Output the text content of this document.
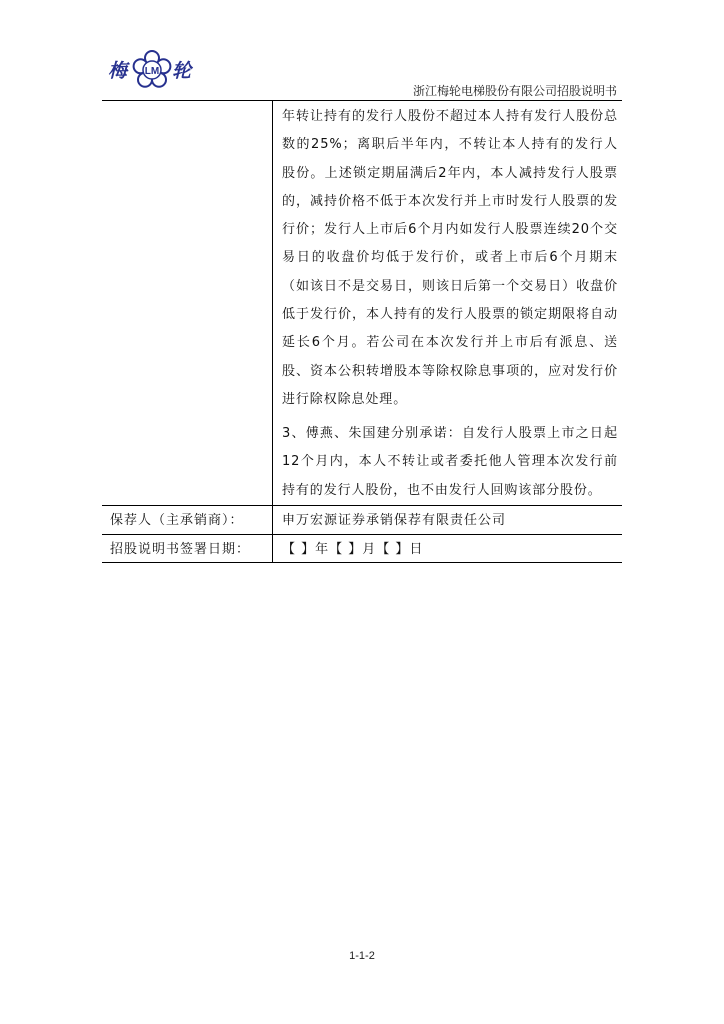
梅 LM 轮
浙江梅轮电梯股份有限公司招股说明书
年转让持有的发行人股份不超过本人持有发行人股份总数的25%；离职后半年内，不转让本人持有的发行人股份。上述锁定期届满后2年内，本人减持发行人股票的，减持价格不低于本次发行并上市时发行人股票的发行价；发行人上市后6个月内如发行人股票连续20个交易日的收盘价均低于发行价，或者上市后6个月期末（如该日不是交易日，则该日后第一个交易日）收盘价低于发行价，本人持有的发行人股票的锁定期限将自动延长6个月。若公司在本次发行并上市后有派息、送股、资本公积转增股本等除权除息事项的，应对发行价进行除权除息处理。
3、傅燕、朱国建分别承诺：自发行人股票上市之日起12个月内，本人不转让或者委托他人管理本次发行前持有的发行人股份，也不由发行人回购该部分股份。
保荐人（主承销商）：	申万宏源证券承销保荐有限责任公司
招股说明书签署日期： 【 】年【 】月【 】日
1-1-2
